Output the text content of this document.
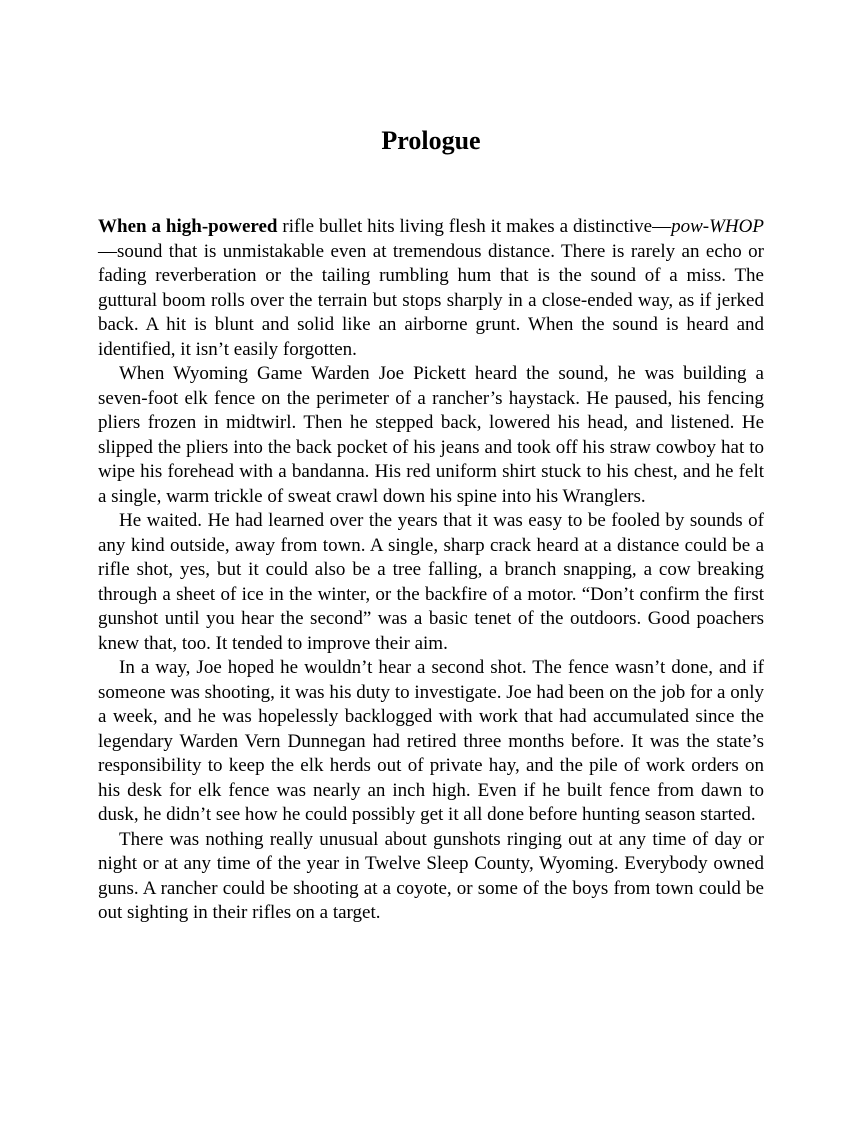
Prologue

When a high-powered rifle bullet hits living flesh it makes a distinctive—pow-WHOP—sound that is unmistakable even at tremendous distance. There is rarely an echo or fading reverberation or the tailing rumbling hum that is the sound of a miss. The guttural boom rolls over the terrain but stops sharply in a close-ended way, as if jerked back. A hit is blunt and solid like an airborne grunt. When the sound is heard and identified, it isn’t easily forgotten.

When Wyoming Game Warden Joe Pickett heard the sound, he was building a seven-foot elk fence on the perimeter of a rancher’s haystack. He paused, his fencing pliers frozen in midtwirl. Then he stepped back, lowered his head, and listened. He slipped the pliers into the back pocket of his jeans and took off his straw cowboy hat to wipe his forehead with a bandanna. His red uniform shirt stuck to his chest, and he felt a single, warm trickle of sweat crawl down his spine into his Wranglers.

He waited. He had learned over the years that it was easy to be fooled by sounds of any kind outside, away from town. A single, sharp crack heard at a distance could be a rifle shot, yes, but it could also be a tree falling, a branch snapping, a cow breaking through a sheet of ice in the winter, or the backfire of a motor. “Don’t confirm the first gunshot until you hear the second” was a basic tenet of the outdoors. Good poachers knew that, too. It tended to improve their aim.

In a way, Joe hoped he wouldn’t hear a second shot. The fence wasn’t done, and if someone was shooting, it was his duty to investigate. Joe had been on the job for a only a week, and he was hopelessly backlogged with work that had accumulated since the legendary Warden Vern Dunnegan had retired three months before. It was the state’s responsibility to keep the elk herds out of private hay, and the pile of work orders on his desk for elk fence was nearly an inch high. Even if he built fence from dawn to dusk, he didn’t see how he could possibly get it all done before hunting season started.

There was nothing really unusual about gunshots ringing out at any time of day or night or at any time of the year in Twelve Sleep County, Wyoming. Everybody owned guns. A rancher could be shooting at a coyote, or some of the boys from town could be out sighting in their rifles on a target.
